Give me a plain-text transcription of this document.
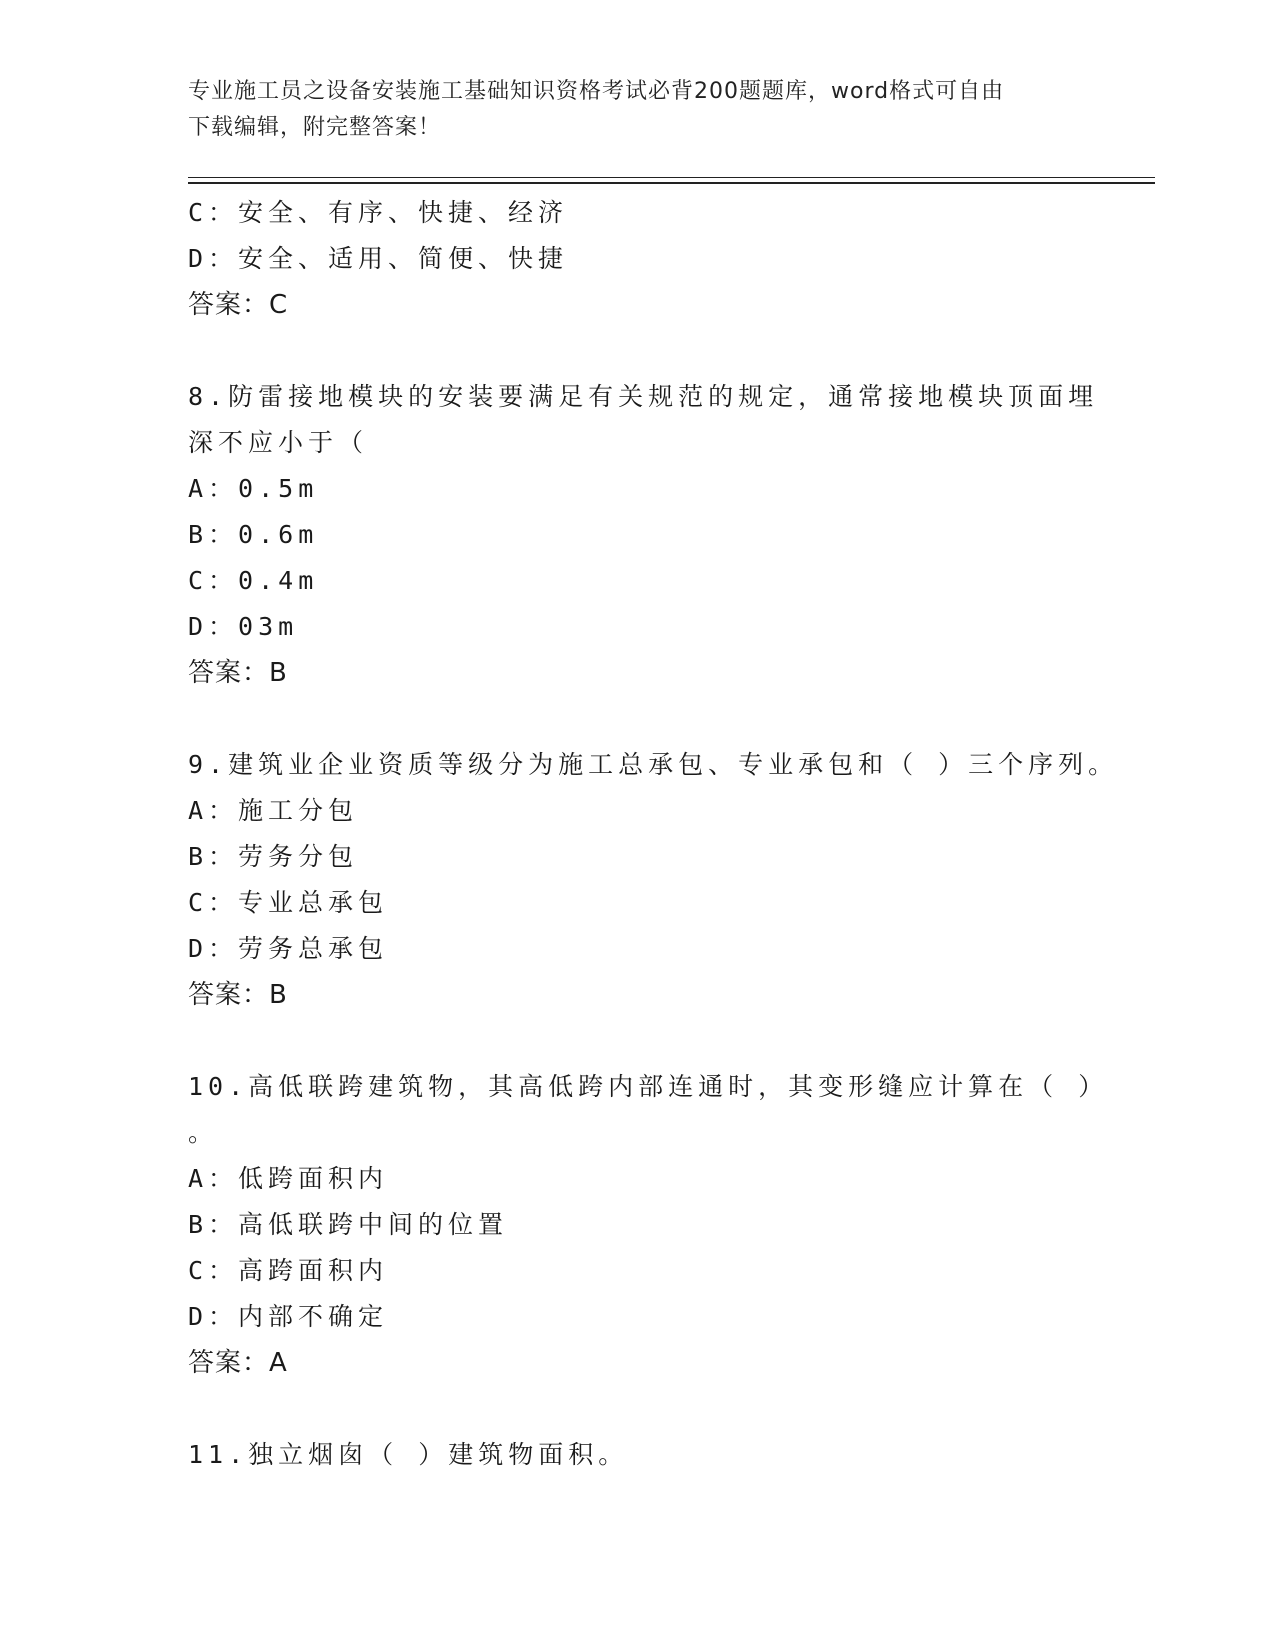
专业施工员之设备安装施工基础知识资格考试必背200题题库，word格式可自由
下载编辑，附完整答案！
C：安全、有序、快捷、经济
D：安全、适用、简便、快捷
答案：C
8.防雷接地模块的安装要满足有关规范的规定，通常接地模块顶面埋
深不应小于（
A：0.5m
B：0.6m
C：0.4m
D：03m
答案：B
9.建筑业企业资质等级分为施工总承包、专业承包和（ ）三个序列。
A：施工分包
B：劳务分包
C：专业总承包
D：劳务总承包
答案：B
10.高低联跨建筑物，其高低跨内部连通时，其变形缝应计算在（ ）
。
A：低跨面积内
B：高低联跨中间的位置
C：高跨面积内
D：内部不确定
答案：A
11.独立烟囱（ ）建筑物面积。
